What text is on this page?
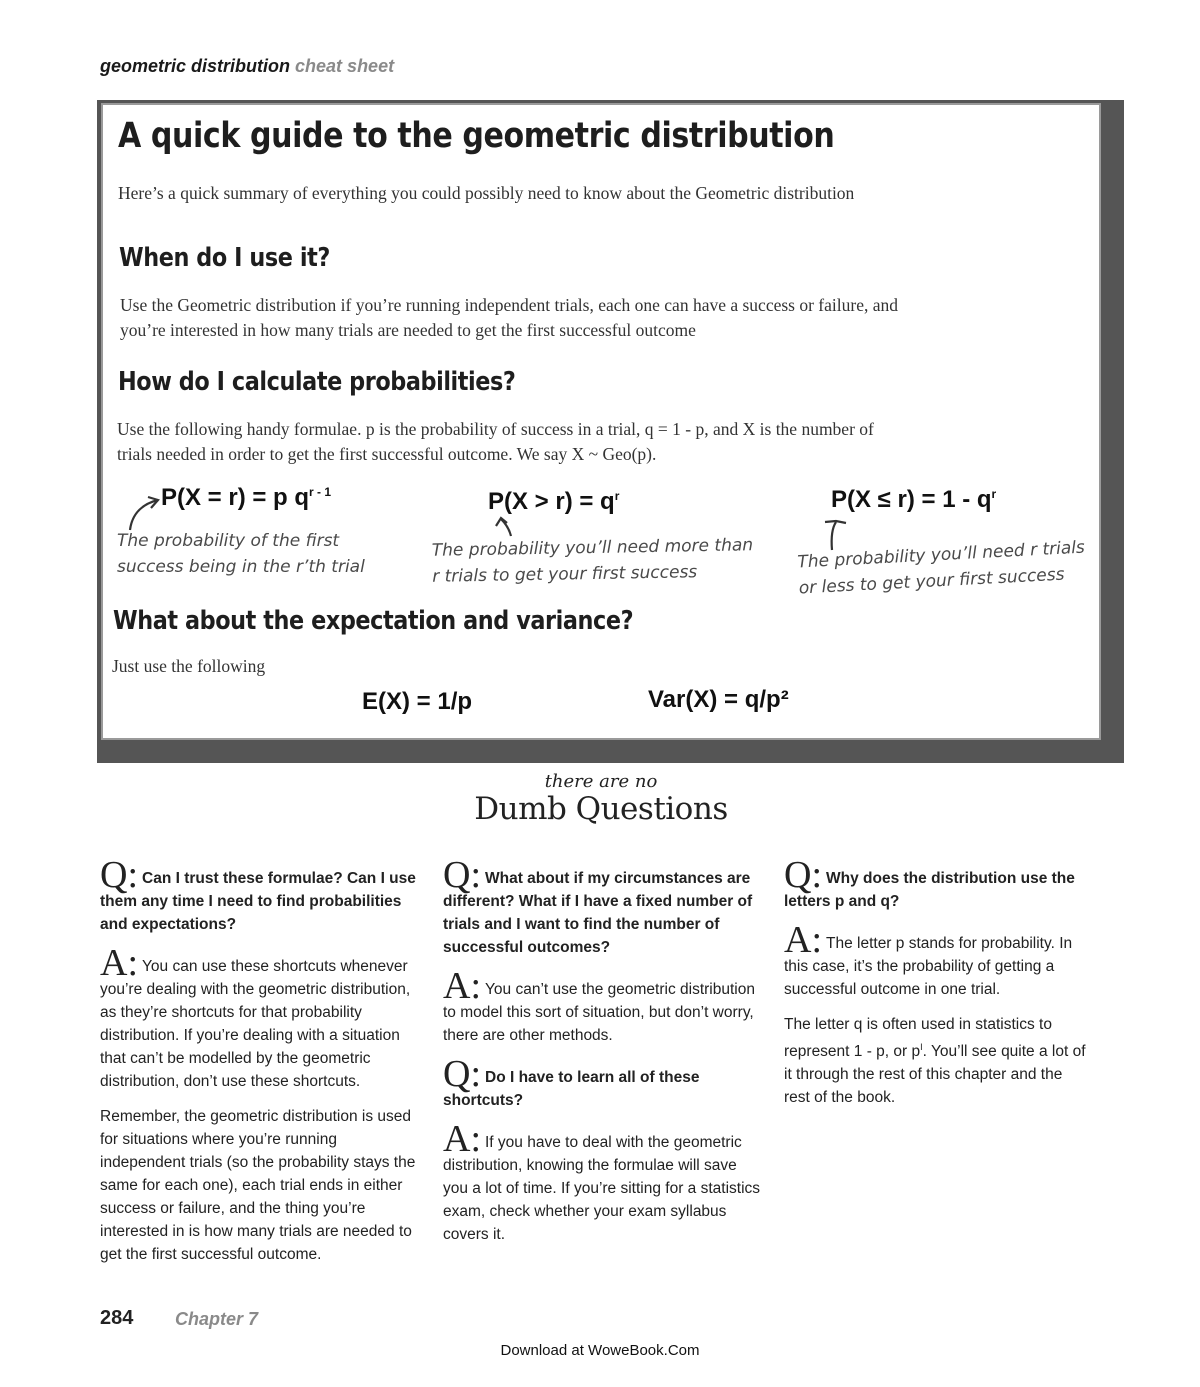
geometric distribution cheat sheet
A quick guide to the geometric distribution
Here’s a quick summary of everything you could possibly need to know about the Geometric distribution
When do I use it?
Use the Geometric distribution if you’re running independent trials, each one can have a success or failure, and
you’re interested in how many trials are needed to get the first successful outcome
How do I calculate probabilities?
Use the following handy formulae. p is the probability of success in a trial, q = 1 - p, and X is the number of
trials needed in order to get the first successful outcome. We say X ~ Geo(p).
P(X = r) = p $q^{r - 1}$	$P(X > r) = q^r$	$P(X \le r) = 1 - q^r$
The probability of the first
success being in the r’th trial
The probability you’ll need more than
r trials to get your first success
The probability you’ll need r trials
or less to get your first success
What about the expectation and variance?
Just use the following
E(X) = 1/p	Var(X) = q/p²
there are no
Dumb Questions
Q: Can I trust these formulae? Can I use them any time I need to find probabilities and expectations?
A: You can use these shortcuts whenever you’re dealing with the geometric distribution, as they’re shortcuts for that probability distribution. If you’re dealing with a situation that can’t be modelled by the geometric distribution, don’t use these shortcuts.
Remember, the geometric distribution is used for situations where you’re running independent trials (so the probability stays the same for each one), each trial ends in either success or failure, and the thing you’re interested in is how many trials are needed to get the first successful outcome.
Q: What about if my circumstances are different? What if I have a fixed number of trials and I want to find the number of successful outcomes?
A: You can’t use the geometric distribution to model this sort of situation, but don’t worry, there are other methods.
Q: Do I have to learn all of these shortcuts?
A: If you have to deal with the geometric distribution, knowing the formulae will save you a lot of time. If you’re sitting for a statistics exam, check whether your exam syllabus covers it.
Q: Why does the distribution use the letters p and q?
A: The letter p stands for probability. In this case, it’s the probability of getting a successful outcome in one trial.
The letter q is often used in statistics to represent 1 - p, or $p^I$. You’ll see quite a lot of it through the rest of this chapter and the rest of the book.
284 Chapter 7
Download at WoweBook.Com
